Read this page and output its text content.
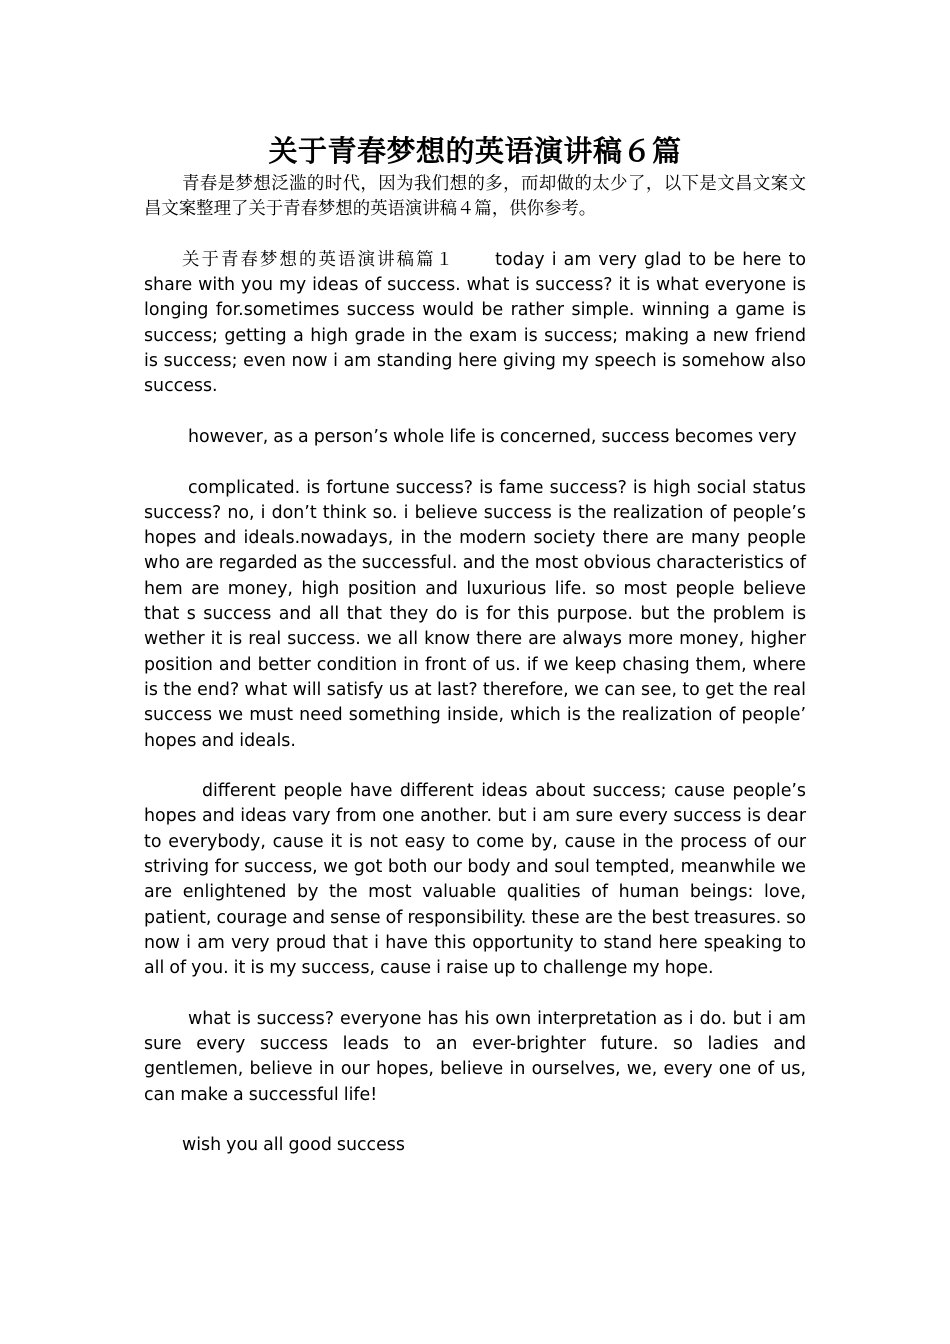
关于青春梦想的英语演讲稿６篇

青春是梦想泛滥的时代，因为我们想的多，而却做的太少了，以下是文昌文案文昌文案整理了关于青春梦想的英语演讲稿４篇，供你参考。

关于青春梦想的英语演讲稿篇１ today i am very glad to be here to share with you my ideas of success. what is success? it is what everyone is longing for.sometimes success would be rather simple. winning a game is success; getting a high grade in the exam is success; making a new friend is success; even now i am standing here giving my speech is somehow also success.

however, as a person’s whole life is concerned, success becomes very

complicated. is fortune success? is fame success? is high social status success? no, i don’t think so. i believe success is the realization of people’s hopes and ideals.nowadays, in the modern society there are many people who are regarded as the successful. and the most obvious characteristics of hem are money, high position and luxurious life. so most people believe that s success and all that they do is for this purpose. but the problem is wether it is real success. we all know there are always more money, higher position and better condition in front of us. if we keep chasing them, where is the end? what will satisfy us at last? therefore, we can see, to get the real success we must need something inside, which is the realization of people’ hopes and ideals.

different people have different ideas about success; cause people’s hopes and ideas vary from one another. but i am sure every success is dear to everybody, cause it is not easy to come by, cause in the process of our striving for success, we got both our body and soul tempted, meanwhile we are enlightened by the most valuable qualities of human beings: love, patient, courage and sense of responsibility. these are the best treasures. so now i am very proud that i have this opportunity to stand here speaking to all of you. it is my success, cause i raise up to challenge my hope.

what is success? everyone has his own interpretation as i do. but i am sure every success leads to an ever-brighter future. so ladies and gentlemen, believe in our hopes, believe in ourselves, we, every one of us, can make a successful life!

wish you all good success
